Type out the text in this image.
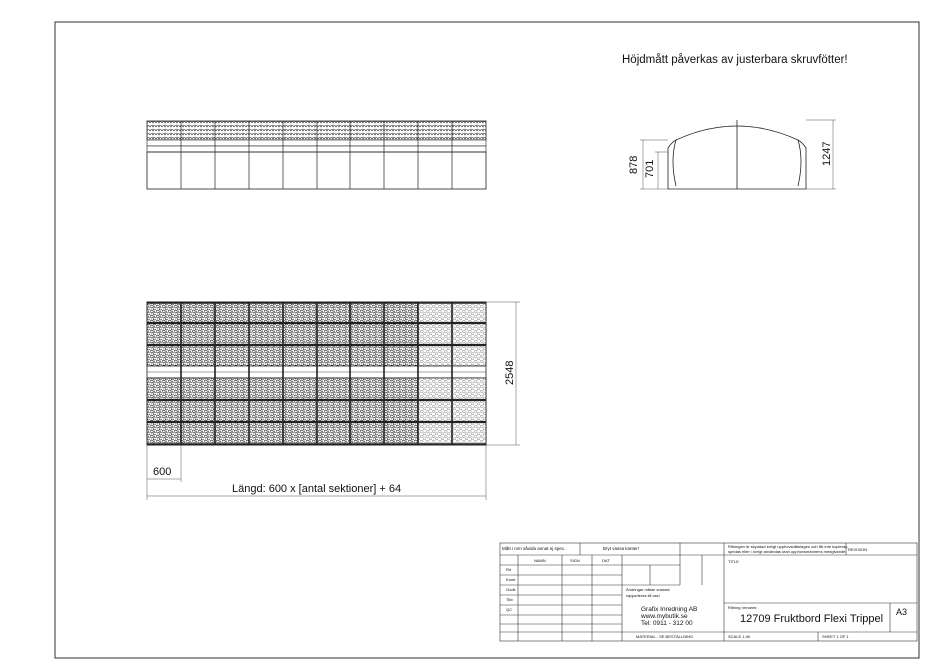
Höjdmått påverkas av justerbara skruvfötter!
878 701
1247
2548
600
Längd: 600 x [antal sektioner] + 64
Mått i mm såvida annat ej spec.	Bryt vassa kanter!
NAMN	SIGN	DAT
Rit
Kontr
Godk
Tillv
QC
Ändringar måste snarast
rapporteras till oss!
Grafix Inredning AB
www.mybutik.se
Tel: 0911 - 312 00
MATERIAL - SE BESTÄLLNING
Ritningen är skyddad enligt upphovsrättslagen och får inte kopieras,
spridas eller i övrigt användas utan upphovsmannens medgivande. REVISION
TITLE
Ritning nr/namn:
12709 Fruktbord Flexi Trippel
A3
SCALE 1:40	SHEET 1 OF 1
